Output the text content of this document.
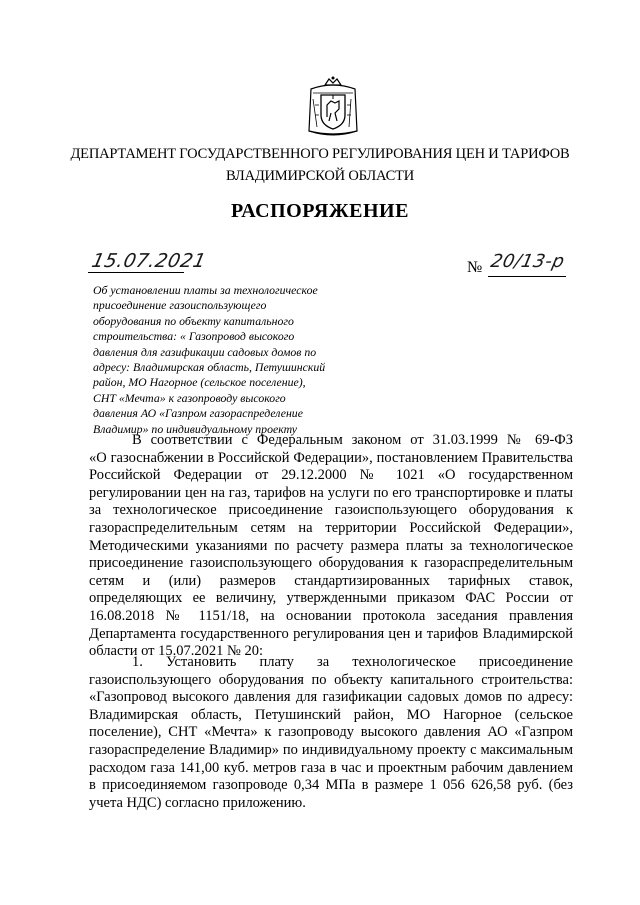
ДЕПАРТАМЕНТ ГОСУДАРСТВЕННОГО РЕГУЛИРОВАНИЯ ЦЕН И ТАРИФОВ
ВЛАДИМИРСКОЙ ОБЛАСТИ
РАСПОРЯЖЕНИЕ
15.07.2021	№ 20/13-р
Об установлении платы за технологическое
присоединение газоиспользующего
оборудования по объекту капитального
строительства: « Газопровод высокого
давления для газификации садовых домов по
адресу: Владимирская область, Петушинский
район, МО Нагорное (сельское поселение),
СНТ «Мечта» к газопроводу высокого
давления АО «Газпром газораспределение
Владимир» по индивидуальному проекту
В соответствии с Федеральным законом от 31.03.1999 № 69-ФЗ
«О газоснабжении в Российской Федерации», постановлением Правительства
Российской Федерации от 29.12.2000 № 1021 «О государственном
регулировании цен на газ, тарифов на услуги по его транспортировке и платы
за технологическое присоединение газоиспользующего оборудования к
газораспределительным сетям на территории Российской Федерации»,
Методическими указаниями по расчету размера платы за технологическое
присоединение газоиспользующего оборудования к газораспределительным
сетям и (или) размеров стандартизированных тарифных ставок,
определяющих ее величину, утвержденными приказом ФАС России от
16.08.2018 № 1151/18, на основании протокола заседания правления
Департамента государственного регулирования цен и тарифов Владимирской
области от 15.07.2021 № 20:
1. Установить плату за технологическое присоединение
газоиспользующего оборудования по объекту капитального строительства:
«Газопровод высокого давления для газификации садовых домов по адресу:
Владимирская область, Петушинский район, МО Нагорное (сельское
поселение), СНТ «Мечта» к газопроводу высокого давления АО «Газпром
газораспределение Владимир» по индивидуальному проекту с максимальным
расходом газа 141,00 куб. метров газа в час и проектным рабочим давлением
в присоединяемом газопроводе 0,34 МПа в размере 1 056 626,58 руб. (без
учета НДС) согласно приложению.
